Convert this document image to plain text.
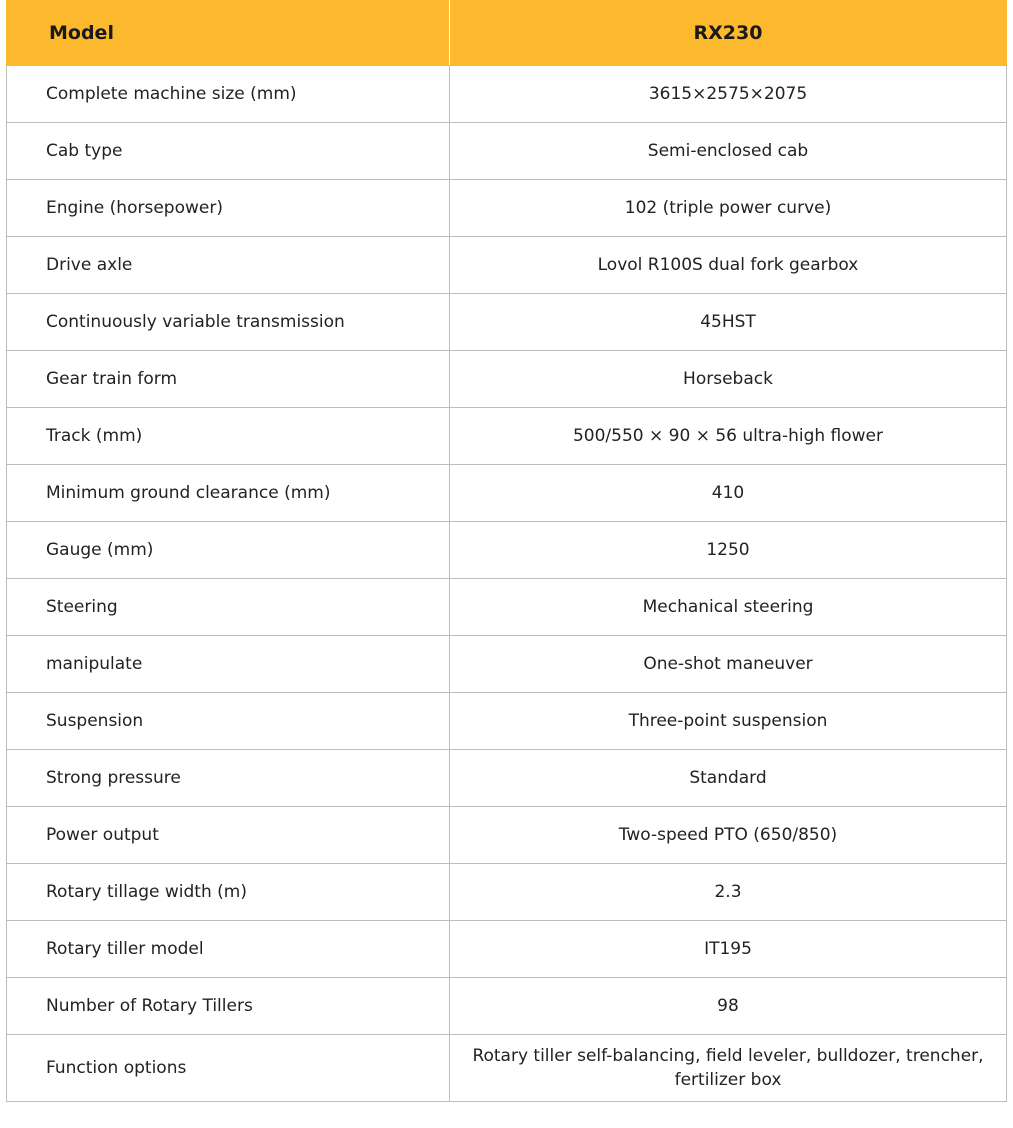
Model	RX230
Complete machine size (mm)	3615×2575×2075
Cab type	Semi-enclosed cab
Engine (horsepower)	102 (triple power curve)
Drive axle	Lovol R100S dual fork gearbox
Continuously variable transmission	45HST
Gear train form	Horseback
Track (mm)	500/550 × 90 × 56 ultra-high flower
Minimum ground clearance (mm)	410
Gauge (mm)	1250
Steering	Mechanical steering
manipulate	One-shot maneuver
Suspension	Three-point suspension
Strong pressure	Standard
Power output	Two-speed PTO (650/850)
Rotary tillage width (m)	2.3
Rotary tiller model	IT195
Number of Rotary Tillers	98
Function options	Rotary tiller self-balancing, field leveler, bulldozer, trencher, fertilizer box
